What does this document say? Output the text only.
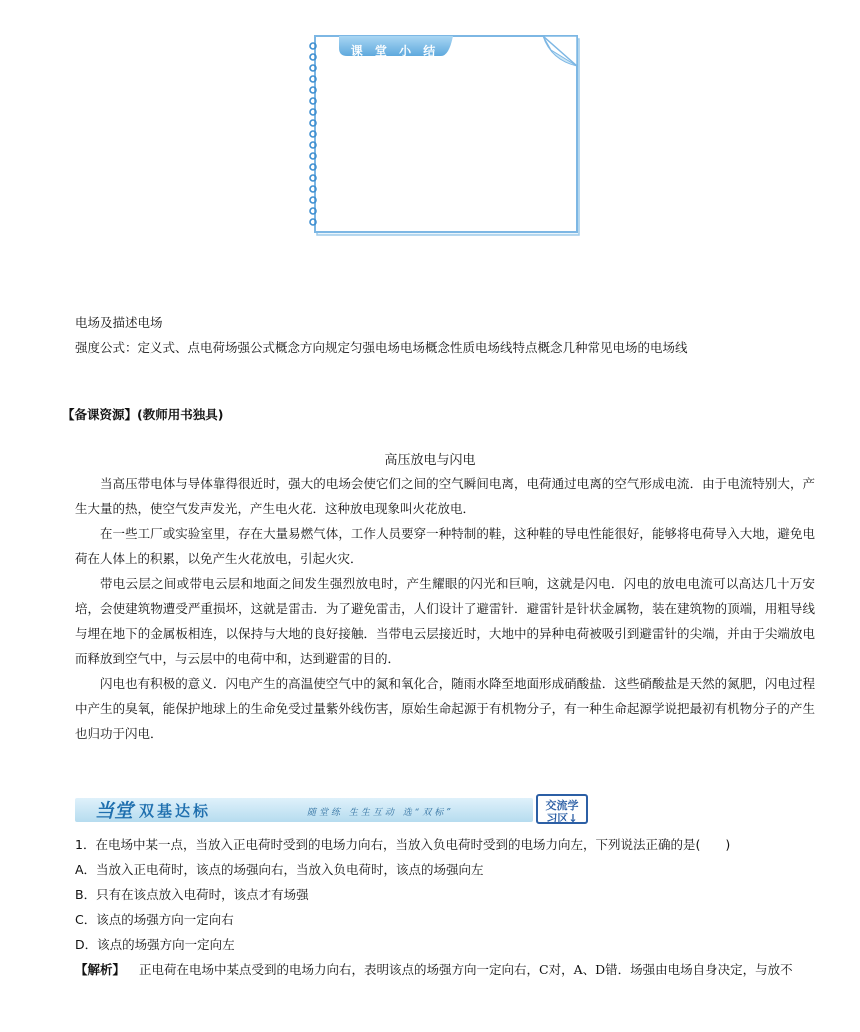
课 堂 小 结
电场及描述电场
强度公式：定义式、点电荷场强公式概念方向规定匀强电场电场概念性质电场线特点概念几种常见电场的电场线
【备课资源】(教师用书独具)
高压放电与闪电

当高压带电体与导体靠得很近时，强大的电场会使它们之间的空气瞬间电离，电荷通过电离的空气形成电流．由于电流特别大，产生大量的热，使空气发声发光，产生电火花．这种放电现象叫火花放电．

在一些工厂或实验室里，存在大量易燃气体，工作人员要穿一种特制的鞋，这种鞋的导电性能很好，能够将电荷导入大地，避免电荷在人体上的积累，以免产生火花放电，引起火灾．

带电云层之间或带电云层和地面之间发生强烈放电时，产生耀眼的闪光和巨响，这就是闪电．闪电的放电电流可以高达几十万安培，会使建筑物遭受严重损坏，这就是雷击．为了避免雷击，人们设计了避雷针．避雷针是针状金属物，装在建筑物的顶端，用粗导线与埋在地下的金属板相连，以保持与大地的良好接触．当带电云层接近时，大地中的异种电荷被吸引到避雷针的尖端，并由于尖端放电而释放到空气中，与云层中的电荷中和，达到避雷的目的．

闪电也有积极的意义．闪电产生的高温使空气中的氮和氧化合，随雨水降至地面形成硝酸盐．这些硝酸盐是天然的氮肥，闪电过程中产生的臭氧，能保护地球上的生命免受过量紫外线伤害，原始生命起源于有机物分子，有一种生命起源学说把最初有机物分子的产生也归功于闪电．

当堂 双基达标	随堂练 生生互动 选“双标”
交流学
习区↓
1．在电场中某一点，当放入正电荷时受到的电场力向右，当放入负电荷时受到的电场力向左，下列说法正确的是(　　)
A．当放入正电荷时，该点的场强向右，当放入负电荷时，该点的场强向左
B．只有在该点放入电荷时，该点才有场强
C．该点的场强方向一定向右
D．该点的场强方向一定向左
【解析】 正电荷在电场中某点受到的电场力向右，表明该点的场强方向一定向右，C对，A、D错．场强由电场自身决定，与放不
